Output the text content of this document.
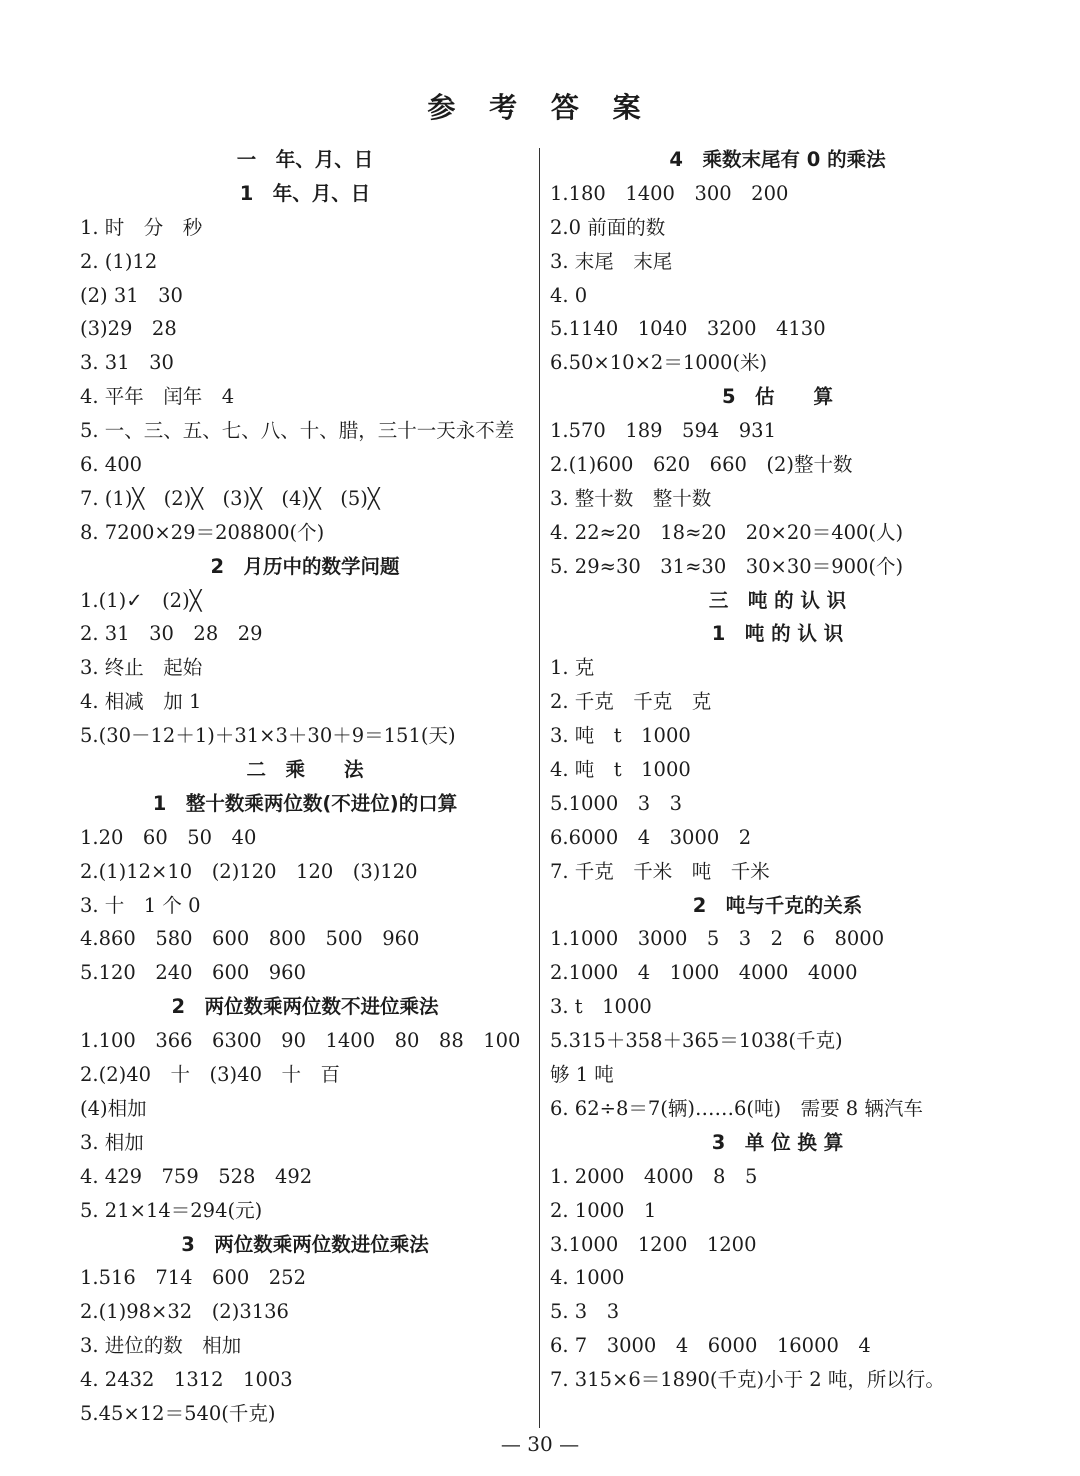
参 考 答 案
一　年、月、日
1　年、月、日
1. 时　分　秒
2. (1)12
(2) 31　30
(3)29　28
3. 31　30
4. 平年　闰年　4
5. 一、三、五、七、八、十、腊，三十一天永不差
6. 400
7. (1)╳　(2)╳　(3)╳　(4)╳　(5)╳
8. 7200×29＝208800(个)
2　月历中的数学问题
1.(1)✓　(2)╳
2. 31　30　28　29
3. 终止　起始
4. 相减　加 1
5.(30－12＋1)＋31×3＋30＋9＝151(天)
二　乘　　法
1　整十数乘两位数(不进位)的口算
1.20　60　50　40
2.(1)12×10　(2)120　120　(3)120
3. 十　1 个 0
4.860　580　600　800　500　960
5.120　240　600　960
2　两位数乘两位数不进位乘法
1.100　366　6300　90　1400　80　88　100
2.(2)40　十　(3)40　十　百
(4)相加
3. 相加
4. 429　759　528　492
5. 21×14＝294(元)
3　两位数乘两位数进位乘法
1.516　714　600　252
2.(1)98×32　(2)3136
3. 进位的数　相加
4. 2432　1312　1003
5.45×12＝540(千克)
4　乘数末尾有 0 的乘法
1.180　1400　300　200
2.0 前面的数
3. 末尾　末尾
4. 0
5.1140　1040　3200　4130
6.50×10×2＝1000(米)
5　估　　算
1.570　189　594　931
2.(1)600　620　660　(2)整十数
3. 整十数　整十数
4. 22≈20　18≈20　20×20＝400(人)
5. 29≈30　31≈30　30×30＝900(个)
三　吨 的 认 识
1　吨 的 认 识
1. 克
2. 千克　千克　克
3. 吨　t　1000
4. 吨　t　1000
5.1000　3　3
6.6000　4　3000　2
7. 千克　千米　吨　千米
2　吨与千克的关系
1.1000　3000　5　3　2　6　8000
2.1000　4　1000　4000　4000
3. t　1000
5.315＋358＋365＝1038(千克)
够 1 吨
6. 62÷8＝7(辆)……6(吨)　需要 8 辆汽车
3　单 位 换 算
1. 2000　4000　8　5
2. 1000　1
3.1000　1200　1200
4. 1000
5. 3　3
6. 7　3000　4　6000　16000　4
7. 315×6＝1890(千克)小于 2 吨，所以行。
— 30 —
